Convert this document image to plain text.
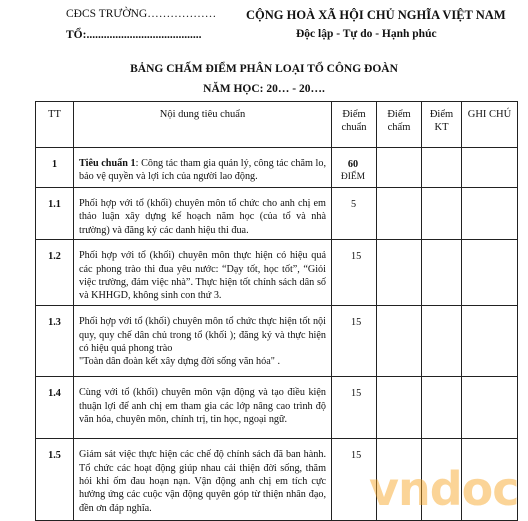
CĐCS TRƯỜNG………………
TỔ:........................................
CỘNG HOÀ XÃ HỘI CHỦ NGHĨA VIỆT NAM
Độc lập - Tự do - Hạnh phúc
BẢNG CHẤM ĐIỂM PHÂN LOẠI TỔ CÔNG ĐOÀN
NĂM HỌC: 20… - 20….
TT	Nội dung tiêu chuẩn	Điểm chuẩn	Điểm chấm	Điểm KT	GHI CHÚ
1	Tiêu chuẩn 1: Công tác tham gia quản lý, công tác chăm lo, bảo vệ quyền và lợi ích của người lao động.	60
ĐIỂM			

1.1	Phối hợp với tổ (khối) chuyên môn tổ chức cho anh chị em thảo luận xây dựng kế hoạch năm học (của tổ và nhà trường) và đăng ký các danh hiệu thi đua.	5			
1.2	Phối hợp với tổ (khối) chuyên môn thực hiện có hiệu quả các phong trào thi đua yêu nước: “Dạy tốt, học tốt”, “Giỏi việc trường, đảm việc nhà”. Thực hiện tốt chính sách dân số và KHHGD, không sinh con thứ 3.	15			
1.3	Phối hợp với tổ (khối) chuyên môn tổ chức thực hiện tốt nội quy, quy chế dân chủ trong tổ (khối ); đăng ký và thực hiện có hiệu quả phong trào
"Toàn dân đoàn kết xây dựng đời sống văn hóa" .	15			
1.4	Cùng với tổ (khối) chuyên môn vận động và tạo điều kiện thuận lợi để anh chị em tham gia các lớp nâng cao trình độ văn hóa, chuyên môn, chính trị, tin học, ngoại ngữ.	15			
1.5	Giám sát việc thực hiện các chế độ chính sách đã ban hành. Tổ chức các hoạt động giúp nhau cải thiện đời sống, thăm hỏi khi ốm đau hoạn nạn. Vận động anh chị em tích cực hưởng ứng các cuộc vận động quyên góp từ thiện nhân đạo, đền ơn đáp nghĩa.	15			
vndoc
